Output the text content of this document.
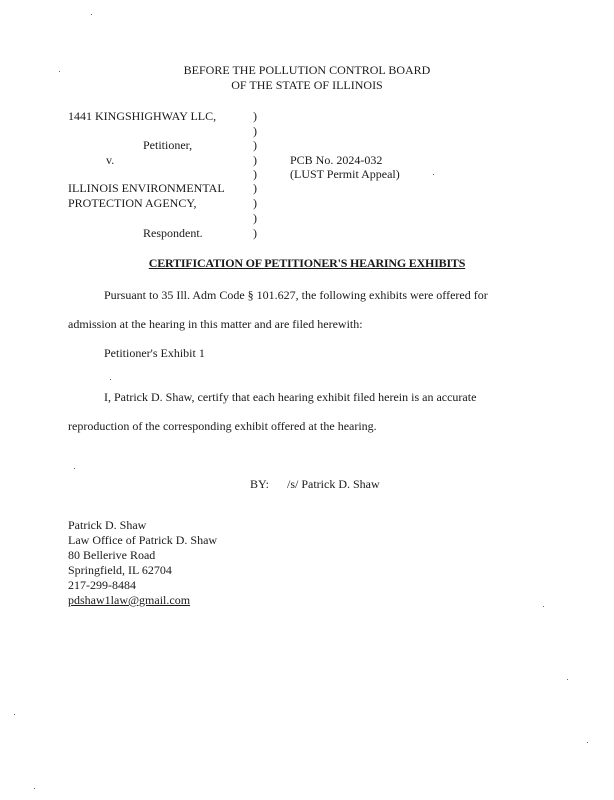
BEFORE THE POLLUTION CONTROL BOARD
OF THE STATE OF ILLINOIS
1441 KINGSHIGHWAY LLC,
Petitioner,
v.
ILLINOIS ENVIRONMENTAL
PROTECTION AGENCY,
Respondent.
)
)
)
)
)
)
)
)
)
PCB No. 2024-032
(LUST Permit Appeal)
CERTIFICATION OF PETITIONER'S HEARING EXHIBITS
Pursuant to 35 Ill. Adm Code § 101.627, the following exhibits were offered for
admission at the hearing in this matter and are filed herewith:
Petitioner's Exhibit 1
I, Patrick D. Shaw, certify that each hearing exhibit filed herein is an accurate
reproduction of the corresponding exhibit offered at the hearing.
BY: /s/ Patrick D. Shaw
Patrick D. Shaw
Law Office of Patrick D. Shaw
80 Bellerive Road
Springfield, IL 62704
217-299-8484
pdshaw1law@gmail.com
